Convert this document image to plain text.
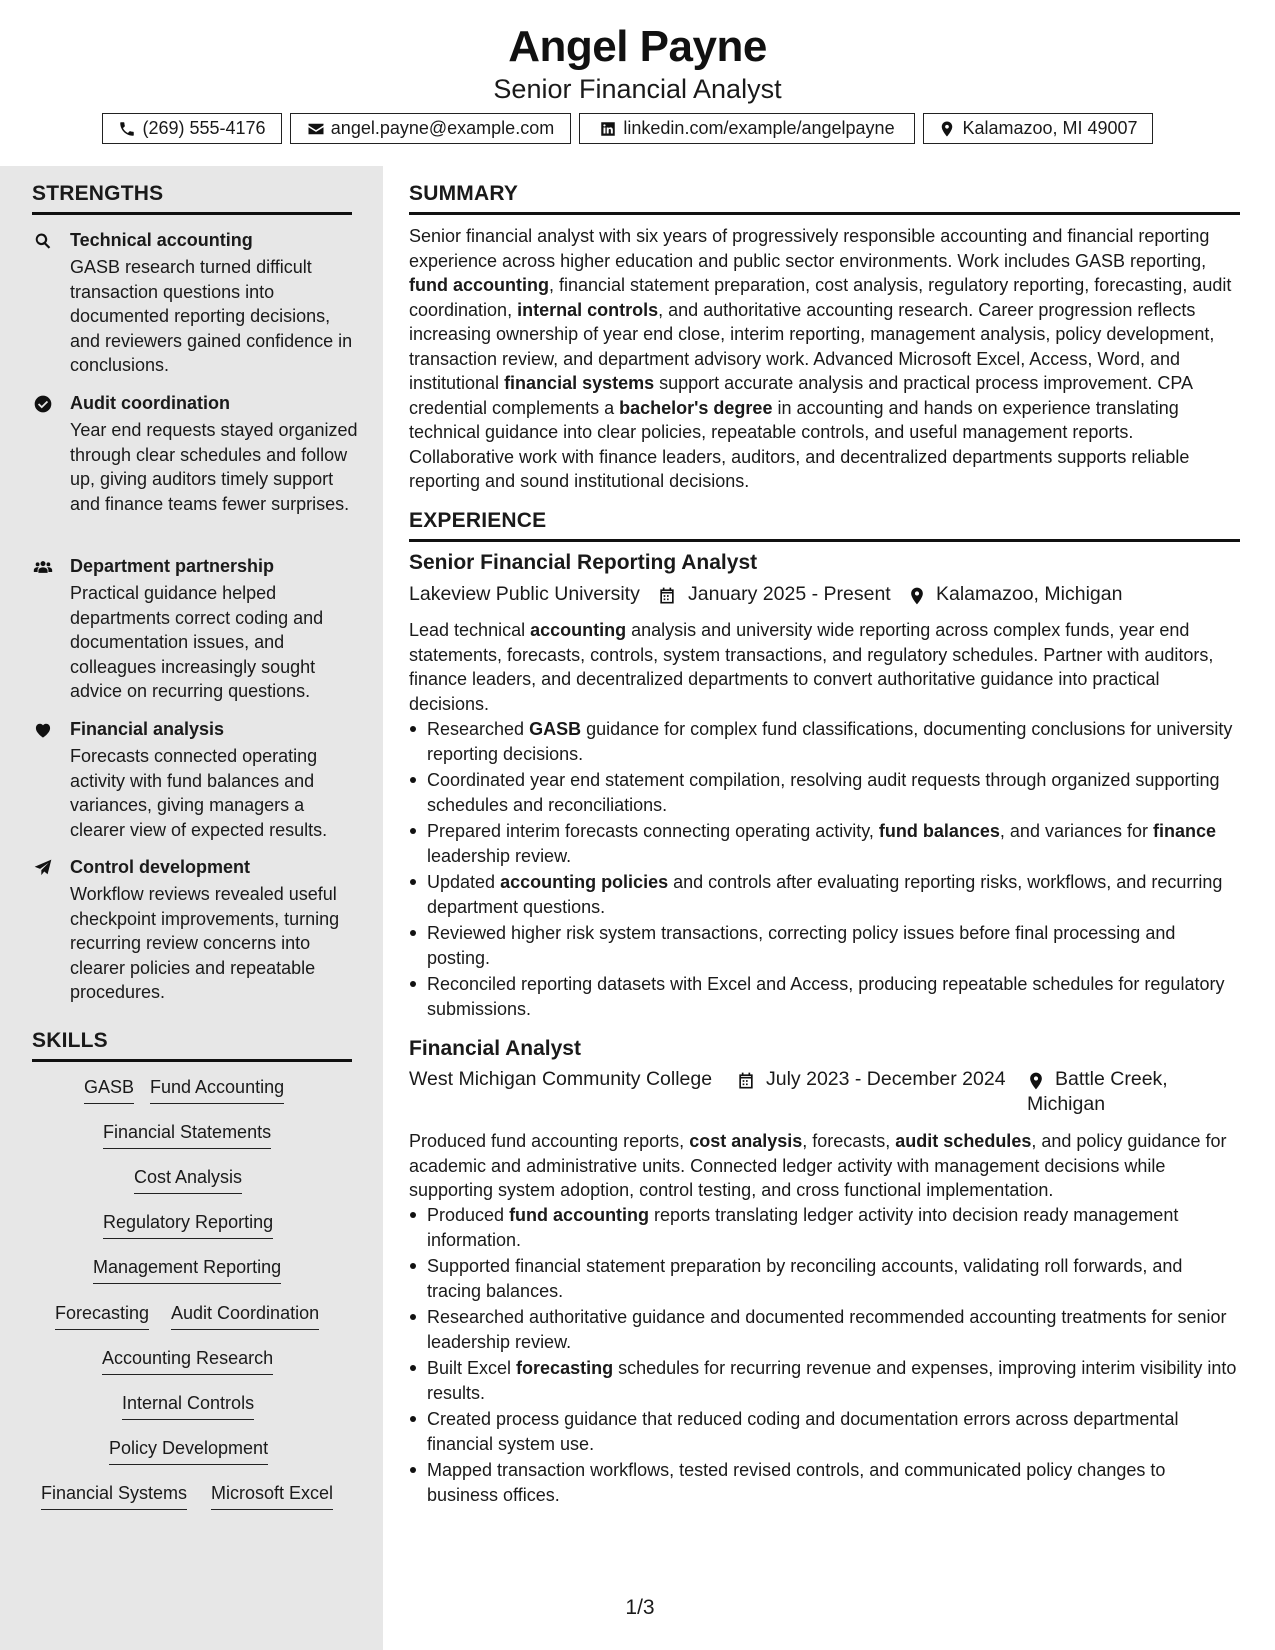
Angel Payne
Senior Financial Analyst
(269) 555-4176	angel.payne@example.com	linkedin.com/example/angelpayne	Kalamazoo, MI 49007
STRENGTHS
Technical accounting
GASB research turned difficult transaction questions into documented reporting decisions, and reviewers gained confidence in conclusions.
Audit coordination
Year end requests stayed organized through clear schedules and follow up, giving auditors timely support and finance teams fewer surprises.
Department partnership
Practical guidance helped departments correct coding and documentation issues, and colleagues increasingly sought advice on recurring questions.
Financial analysis
Forecasts connected operating activity with fund balances and variances, giving managers a clearer view of expected results.
Control development
Workflow reviews revealed useful checkpoint improvements, turning recurring review concerns into clearer policies and repeatable procedures.
SKILLS
GASB Fund Accounting
Financial Statements
Cost Analysis
Regulatory Reporting
Management Reporting
Forecasting Audit Coordination
Accounting Research
Internal Controls
Policy Development
Financial Systems Microsoft Excel
SUMMARY
Senior financial analyst with six years of progressively responsible accounting and financial reporting experience across higher education and public sector environments. Work includes GASB reporting, fund accounting, financial statement preparation, cost analysis, regulatory reporting, forecasting, audit coordination, internal controls, and authoritative accounting research. Career progression reflects increasing ownership of year end close, interim reporting, management analysis, policy development, transaction review, and department advisory work. Advanced Microsoft Excel, Access, Word, and institutional financial systems support accurate analysis and practical process improvement. CPA credential complements a bachelor's degree in accounting and hands on experience translating technical guidance into clear policies, repeatable controls, and useful management reports. Collaborative work with finance leaders, auditors, and decentralized departments supports reliable reporting and sound institutional decisions.
EXPERIENCE
Senior Financial Reporting Analyst
Lakeview Public University January 2025 - Present Kalamazoo, Michigan
Lead technical accounting analysis and university wide reporting across complex funds, year end statements, forecasts, controls, system transactions, and regulatory schedules. Partner with auditors, finance leaders, and decentralized departments to convert authoritative guidance into practical decisions.
Researched GASB guidance for complex fund classifications, documenting conclusions for university reporting decisions.
Coordinated year end statement compilation, resolving audit requests through organized supporting schedules and reconciliations.
Prepared interim forecasts connecting operating activity, fund balances, and variances for finance leadership review.
Updated accounting policies and controls after evaluating reporting risks, workflows, and recurring department questions.
Reviewed higher risk system transactions, correcting policy issues before final processing and posting.
Reconciled reporting datasets with Excel and Access, producing repeatable schedules for regulatory submissions.
Financial Analyst
West Michigan Community College	July 2023 - December 2024	Battle Creek,
Michigan
Produced fund accounting reports, cost analysis, forecasts, audit schedules, and policy guidance for academic and administrative units. Connected ledger activity with management decisions while supporting system adoption, control testing, and cross functional implementation.
Produced fund accounting reports translating ledger activity into decision ready management information.
Supported financial statement preparation by reconciling accounts, validating roll forwards, and tracing balances.
Researched authoritative guidance and documented recommended accounting treatments for senior leadership review.
Built Excel forecasting schedules for recurring revenue and expenses, improving interim visibility into results.
Created process guidance that reduced coding and documentation errors across departmental financial system use.
Mapped transaction workflows, tested revised controls, and communicated policy changes to business offices.
1/3
